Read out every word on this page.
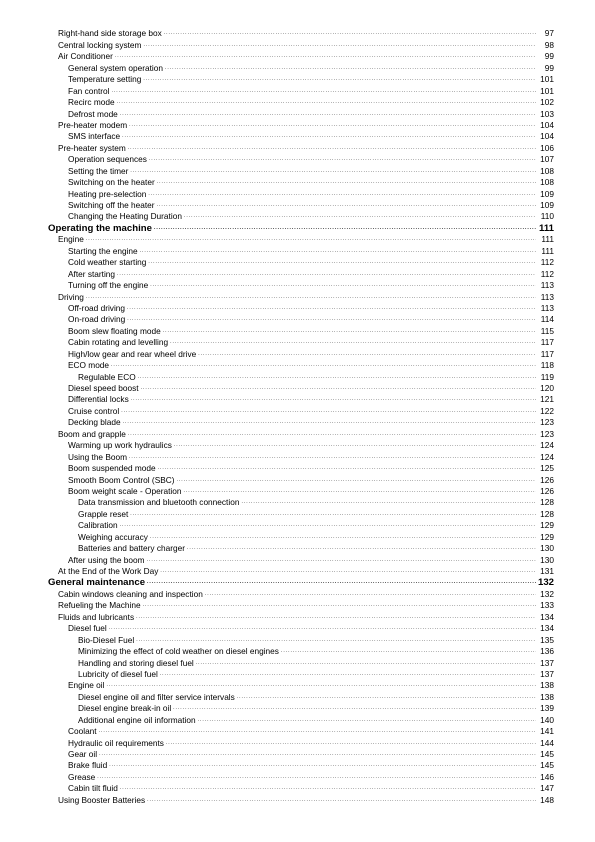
Right-hand side storage box . . .	97
Central locking system . . .	98
Air Conditioner . . .	99
General system operation . . .	99
Temperature setting . . .	101
Fan control . . .	101
Recirc mode . . .	102
Defrost mode . . .	103
Pre-heater modem . . .	104
SMS interface . . .	104
Pre-heater system . . .	106
Operation sequences . . .	107
Setting the timer . . .	108
Switching on the heater . . .	108
Heating pre-selection . . .	109
Switching off the heater . . .	109
Changing the Heating Duration . . .	110
Operating the machine . . .	111
Engine . . .	111
Starting the engine . . .	111
Cold weather starting . . .	112
After starting . . .	112
Turning off the engine . . .	113
Driving . . .	113
Off-road driving . . .	113
On-road driving . . .	114
Boom slew floating mode . . .	115
Cabin rotating and levelling . . .	117
High/low gear and rear wheel drive . . .	117
ECO mode . . .	118
Regulable ECO . . .	119
Diesel speed boost . . .	120
Differential locks . . .	121
Cruise control . . .	122
Decking blade . . .	123
Boom and grapple . . .	123
Warming up work hydraulics . . .	124
Using the Boom . . .	124
Boom suspended mode . . .	125
Smooth Boom Control (SBC) . . .	126
Boom weight scale - Operation . . .	126
Data transmission and bluetooth connection . . .	128
Grapple reset . . .	128
Calibration . . .	129
Weighing accuracy . . .	129
Batteries and battery charger . . .	130
After using the boom . . .	130
At the End of the Work Day . . .	131
General maintenance . . .	132
Cabin windows cleaning and inspection . . .	132
Refueling the Machine . . .	133
Fluids and lubricants . . .	134
Diesel fuel . . .	134
Bio-Diesel Fuel . . .	135
Minimizing the effect of cold weather on diesel engines . . .	136
Handling and storing diesel fuel . . .	137
Lubricity of diesel fuel . . .	137
Engine oil . . .	138
Diesel engine oil and filter service intervals . . .	138
Diesel engine break-in oil . . .	139
Additional engine oil information . . .	140
Coolant . . .	141
Hydraulic oil requirements . . .	144
Gear oil . . .	145
Brake fluid . . .	145
Grease . . .	146
Cabin tilt fluid . . .	147
Using Booster Batteries . . .	148
